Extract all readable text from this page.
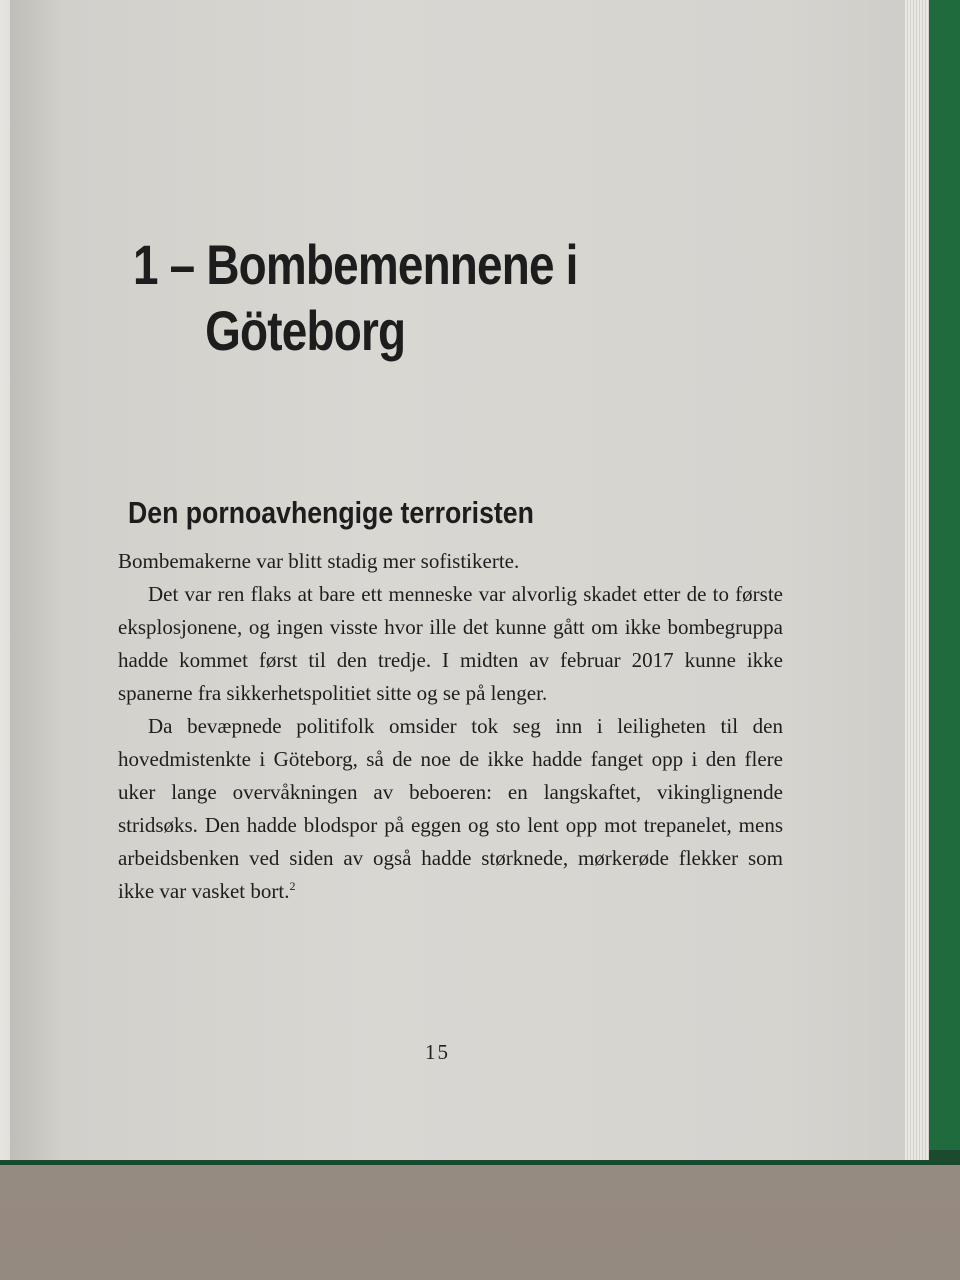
1 – Bombemennene i
Göteborg
Den pornoavhengige terroristen

Bombemakerne var blitt stadig mer sofistikerte.

Det var ren flaks at bare ett menneske var alvorlig skadet etter de to første eksplosjonene, og ingen visste hvor ille det kunne gått om ikke bombegruppa hadde kommet først til den tredje. I midten av februar 2017 kunne ikke spanerne fra sikkerhetspolitiet sitte og se på lenger.

Da bevæpnede politifolk omsider tok seg inn i leiligheten til den hovedmistenkte i Göteborg, så de noe de ikke hadde fanget opp i den flere uker lange overvåkningen av beboeren: en langskaftet, vikinglignende stridsøks. Den hadde blodspor på eggen og sto lent opp mot trepanelet, mens arbeidsbenken ved siden av også hadde størknede, mørkerøde flekker som ikke var vasket bort.$^2$

15
